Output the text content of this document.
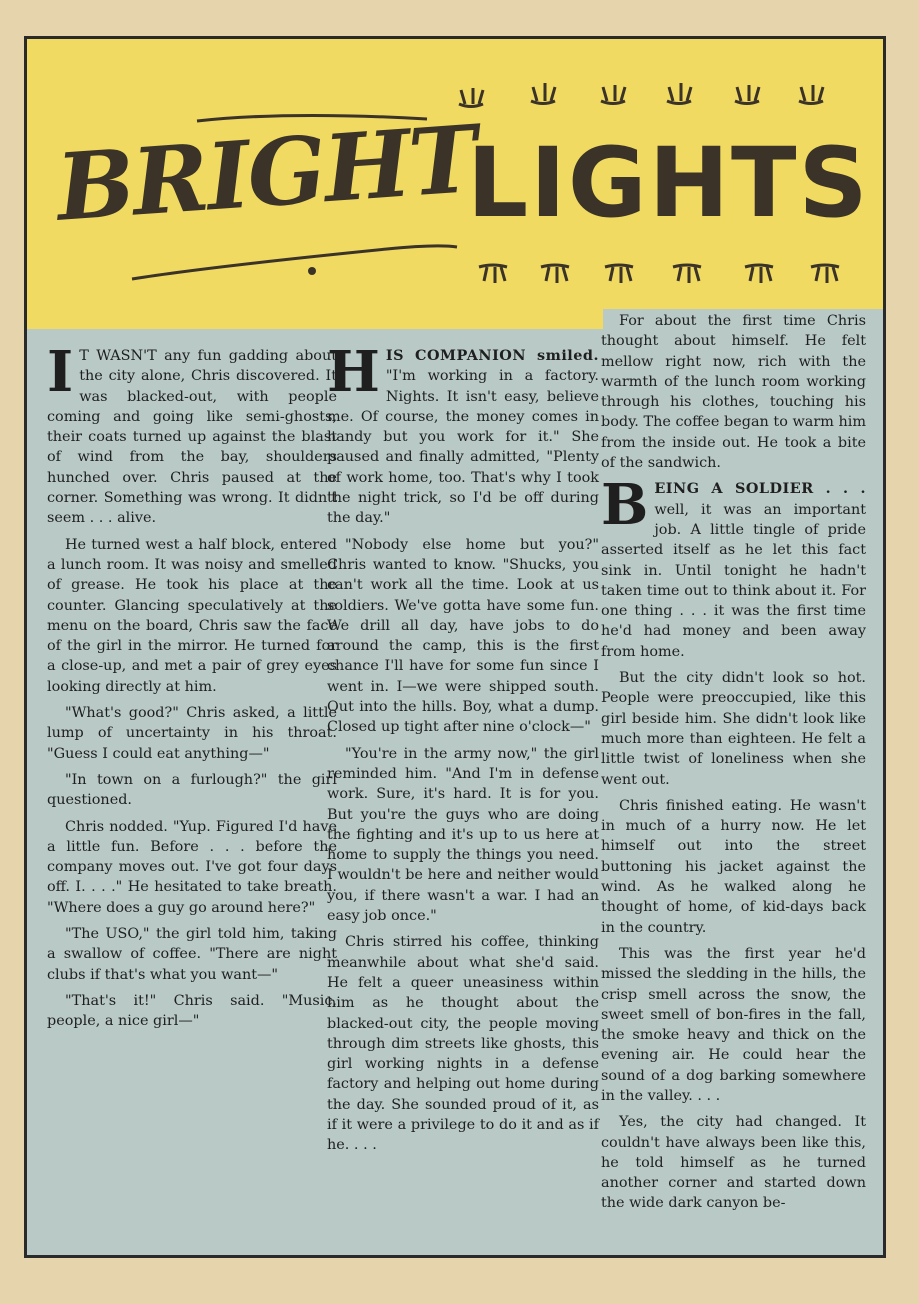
BRIGHT
LIGHTS

I T WASN'T any fun gadding about the city alone, Chris discovered. It was blacked-out, with people coming and going like semi-ghosts, their coats turned up against the blast of wind from the bay, shoulders hunched over. Chris paused at the corner. Something was wrong. It didn't seem . . . alive.

He turned west a half block, entered a lunch room. It was noisy and smelled of grease. He took his place at the counter. Glancing speculatively at the menu on the board, Chris saw the face of the girl in the mirror. He turned for a close-up, and met a pair of grey eyes looking directly at him.

"What's good?" Chris asked, a little lump of uncertainty in his throat. "Guess I could eat anything—"

"In town on a furlough?" the girl questioned.

Chris nodded. "Yup. Figured I'd have a little fun. Before . . . before the company moves out. I've got four days off. I. . . ." He hesitated to take breath. "Where does a guy go around here?"

"The USO," the girl told him, taking a swallow of coffee. "There are night clubs if that's what you want—"

"That's it!" Chris said. "Music, people, a nice girl—"

HIS COMPANION smiled. "I'm working in a factory. Nights. It isn't easy, believe me. Of course, the money comes in handy but you work for it." She paused and finally admitted, "Plenty of work home, too. That's why I took the night trick, so I'd be off during the day."

"Nobody else home but you?" Chris wanted to know. "Shucks, you can't work all the time. Look at us soldiers. We've gotta have some fun. We drill all day, have jobs to do around the camp, this is the first chance I'll have for some fun since I went in. I—we were shipped south. Out into the hills. Boy, what a dump. Closed up tight after nine o'clock—"

"You're in the army now," the girl reminded him. "And I'm in defense work. Sure, it's hard. It is for you. But you're the guys who are doing the fighting and it's up to us here at home to supply the things you need. I wouldn't be here and neither would you, if there wasn't a war. I had an easy job once."

Chris stirred his coffee, thinking meanwhile about what she'd said. He felt a queer uneasiness within him as he thought about the blacked-out city, the people moving through dim streets like ghosts, this girl working nights in a defense factory and helping out home during the day. She sounded proud of it, as if it were a privilege to do it and as if he. . . .

For about the first time Chris thought about himself. He felt mellow right now, rich with the warmth of the lunch room working through his clothes, touching his body. The coffee began to warm him from the inside out. He took a bite of the sandwich.

BEING A SOLDIER . . . well, it was an important job. A little tingle of pride asserted itself as he let this fact sink in. Until tonight he hadn't taken time out to think about it. For one thing . . . it was the first time he'd had money and been away from home.

But the city didn't look so hot. People were preoccupied, like this girl beside him. She didn't look like much more than eighteen. He felt a little twist of loneliness when she went out.

Chris finished eating. He wasn't in much of a hurry now. He let himself out into the street buttoning his jacket against the wind. As he walked along he thought of home, of kid-days back in the country.

This was the first year he'd missed the sledding in the hills, the crisp smell across the snow, the sweet smell of bon-fires in the fall, the smoke heavy and thick on the evening air. He could hear the sound of a dog barking somewhere in the valley. . . .

Yes, the city had changed. It couldn't have always been like this, he told himself as he turned another corner and started down the wide dark canyon be-
